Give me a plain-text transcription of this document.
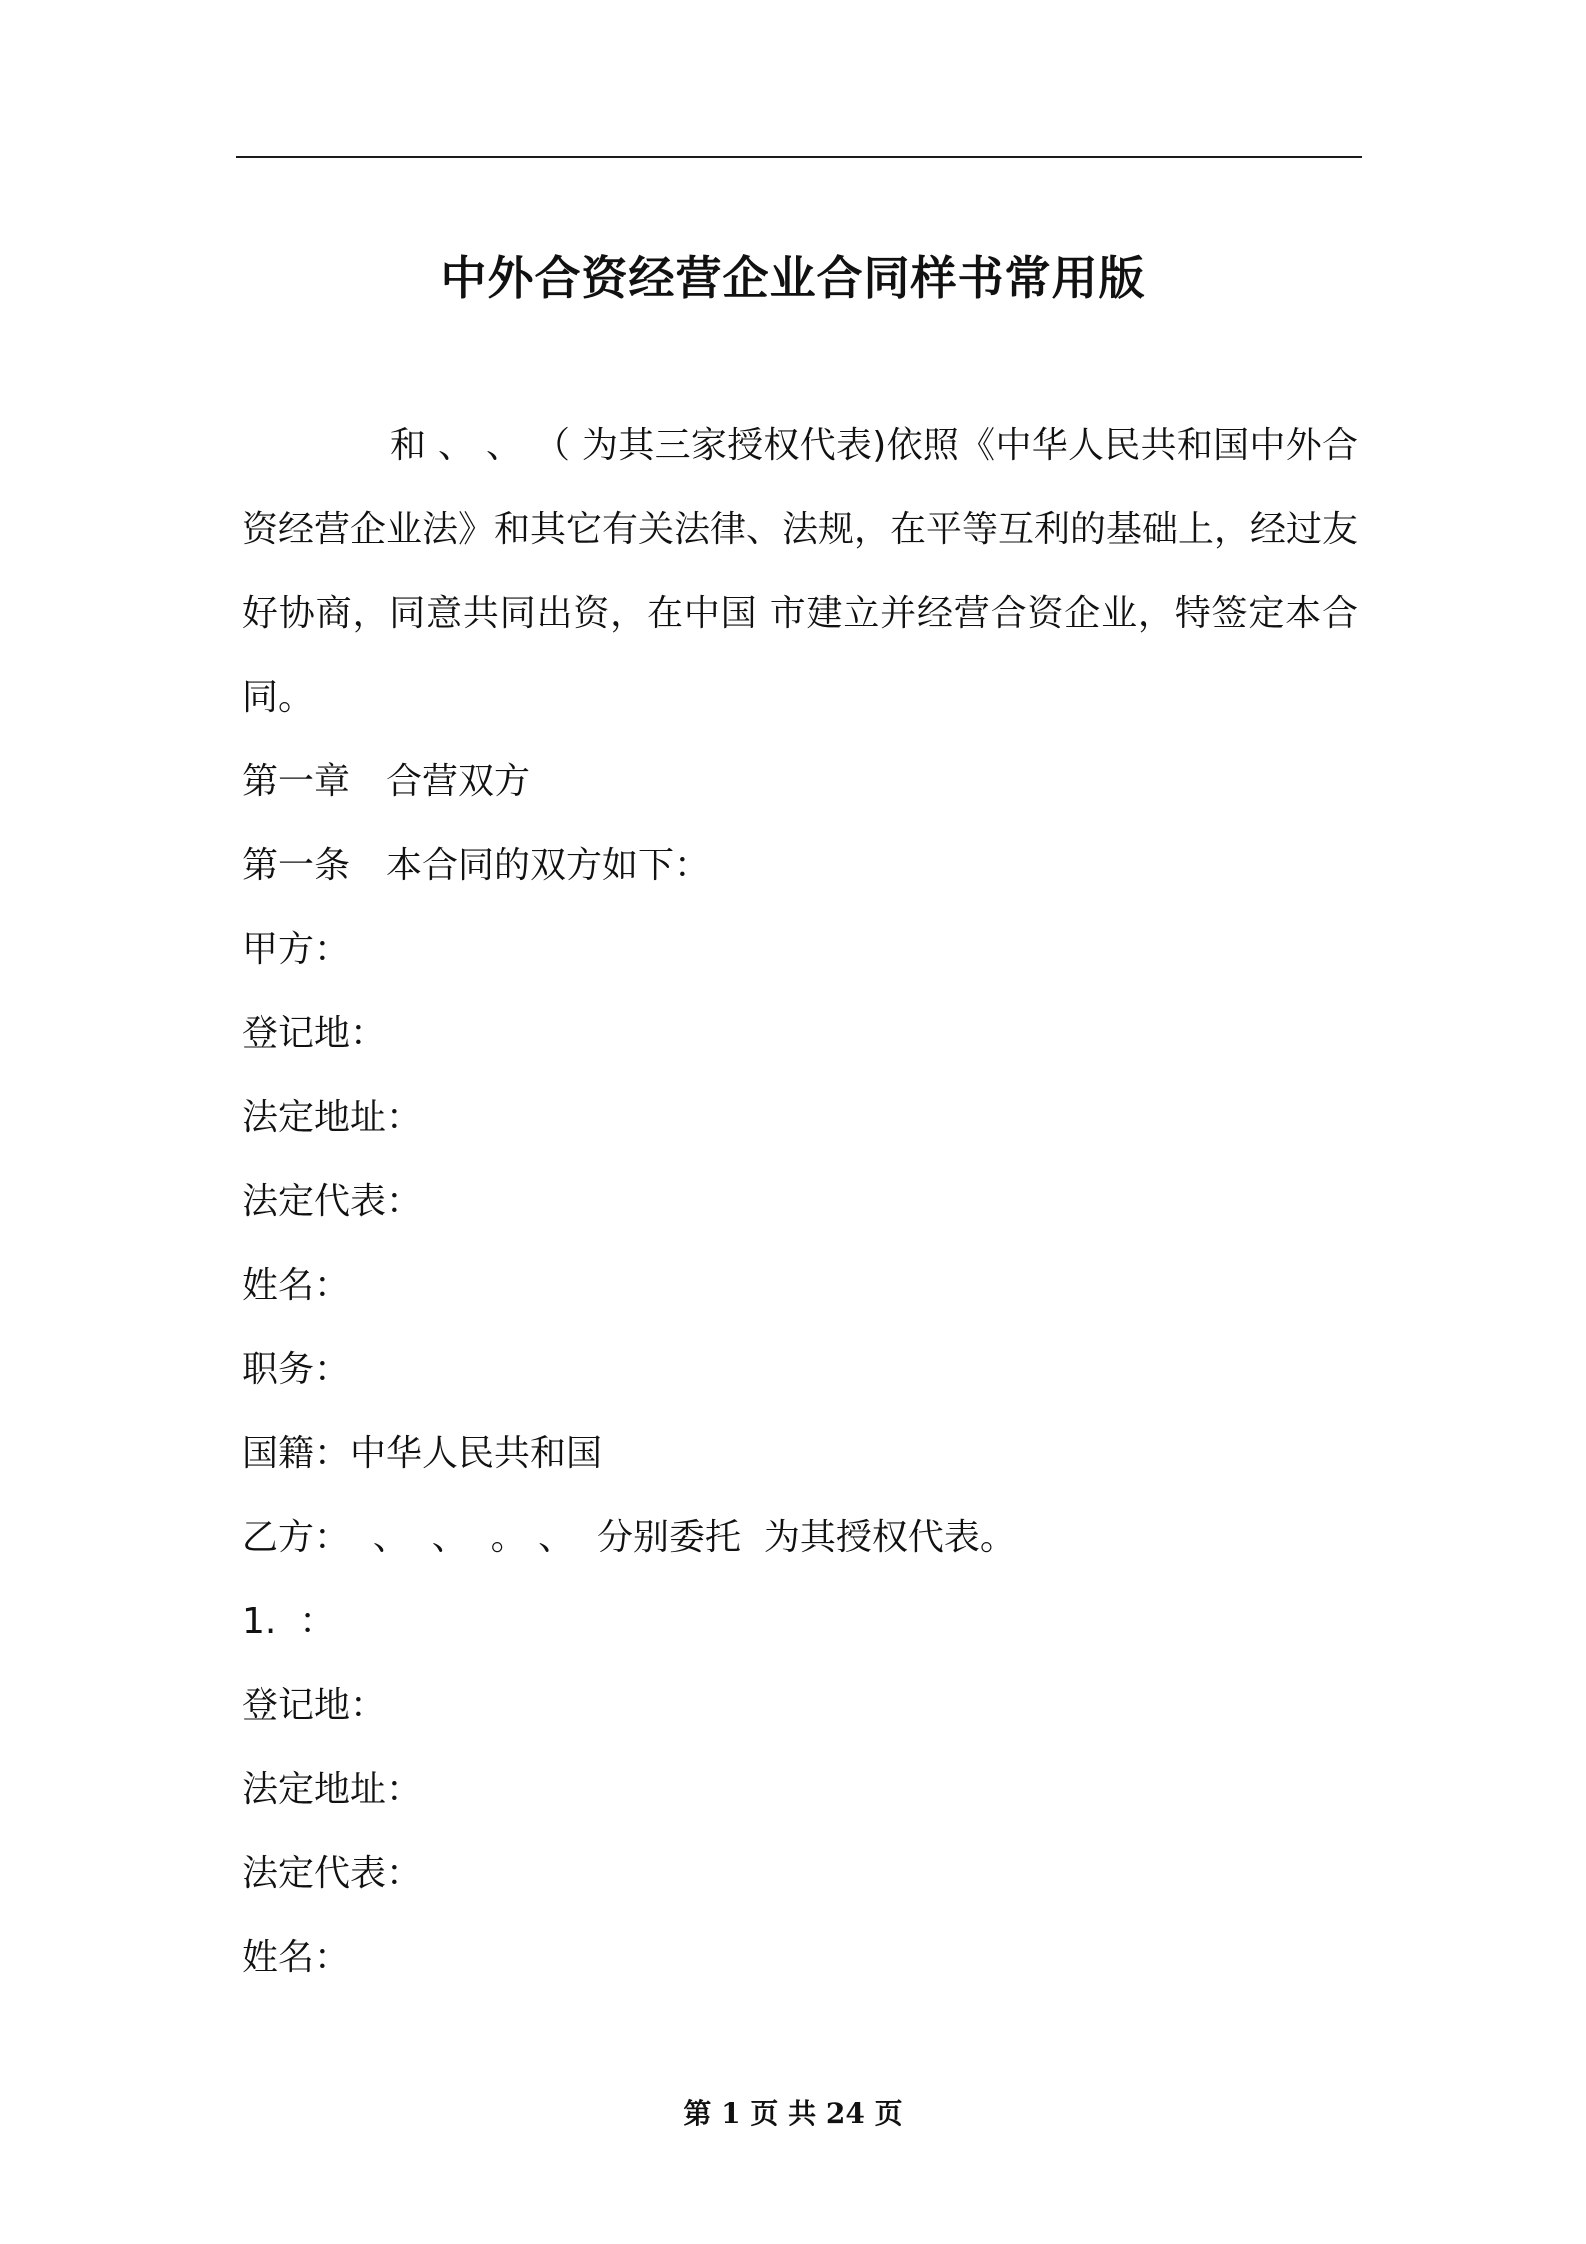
中外合资经营企业合同样书常用版

和 、 、 （ 为其三家授权代表)依照《中华人民共和国中外合资经营企业法》和其它有关法律、法规，在平等互利的基础上，经过友好协商，同意共同出资，在中国 市建立并经营合资企业，特签定本合同。

第一章　合营双方

第一条　本合同的双方如下：

甲方：

登记地：

法定地址：

法定代表：

姓名：

职务：

国籍：中华人民共和国

乙方：  、  、  。 、  分别委托  为其授权代表。

1.  ：

登记地：

法定地址：

法定代表：

姓名：

第 1 页 共 24 页
